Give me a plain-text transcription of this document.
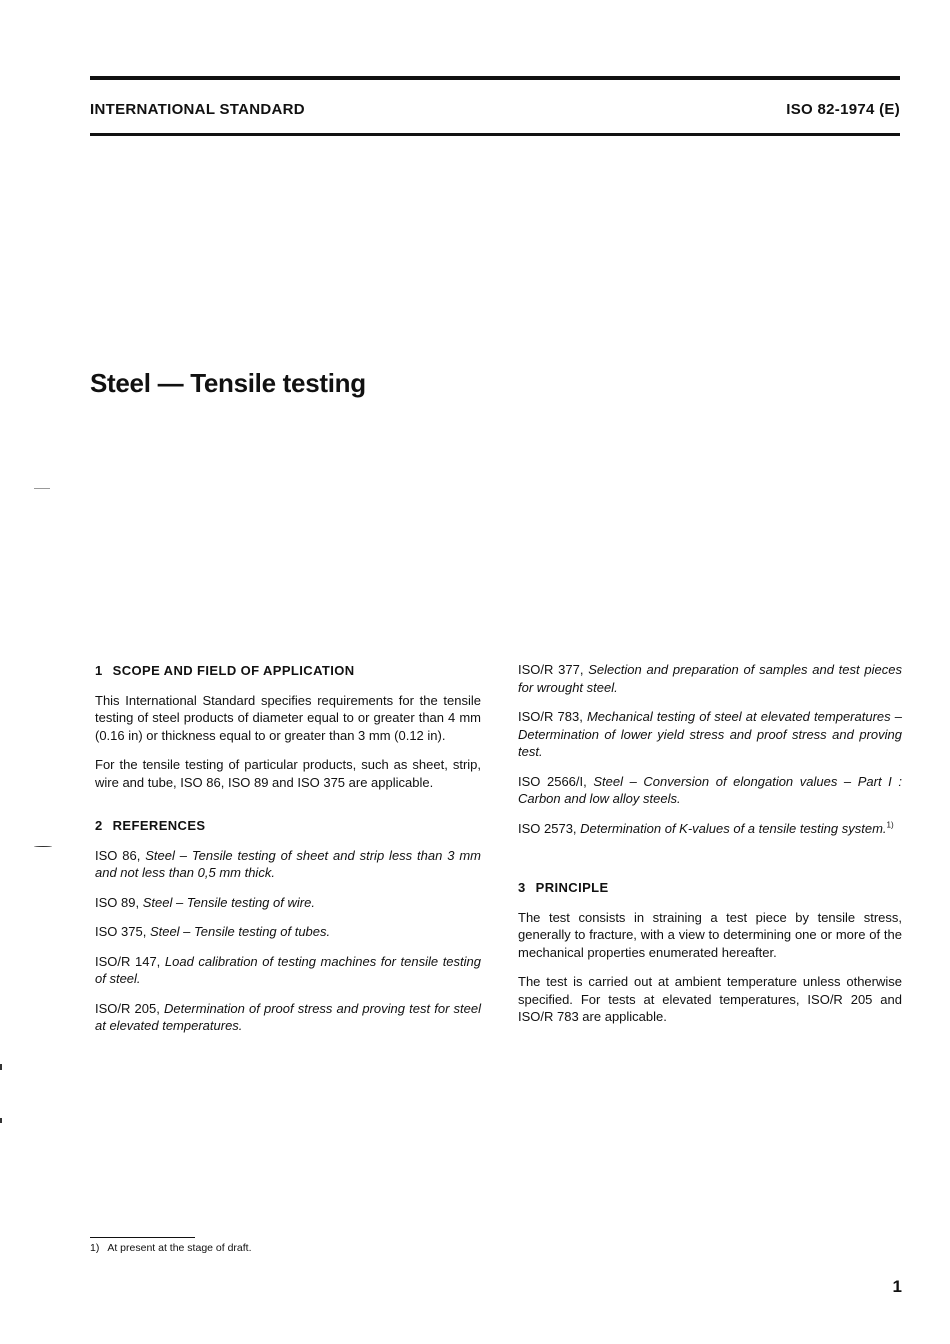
INTERNATIONAL STANDARD	ISO 82-1974 (E)
Steel — Tensile testing
1 SCOPE AND FIELD OF APPLICATION

This International Standard specifies requirements for the tensile testing of steel products of diameter equal to or greater than 4 mm (0.16 in) or thickness equal to or greater than 3 mm (0.12 in).

For the tensile testing of particular products, such as sheet, strip, wire and tube, ISO 86, ISO 89 and ISO 375 are applicable.

2 REFERENCES
ISO 86, Steel – Tensile testing of sheet and strip less than 3 mm and not less than 0,5 mm thick.
ISO 89, Steel – Tensile testing of wire.
ISO 375, Steel – Tensile testing of tubes.
ISO/R 147, Load calibration of testing machines for tensile testing of steel.
ISO/R 205, Determination of proof stress and proving test for steel at elevated temperatures.
ISO/R 377, Selection and preparation of samples and test pieces for wrought steel.
ISO/R 783, Mechanical testing of steel at elevated temperatures – Determination of lower yield stress and proof stress and proving test.
ISO 2566/I, Steel – Conversion of elongation values – Part I : Carbon and low alloy steels.
ISO 2573, Determination of K-values of a tensile testing system.$^{1)}$
3 PRINCIPLE

The test consists in straining a test piece by tensile stress, generally to fracture, with a view to determining one or more of the mechanical properties enumerated hereafter.

The test is carried out at ambient temperature unless otherwise specified. For tests at elevated temperatures, ISO/R 205 and ISO/R 783 are applicable.

1) At present at the stage of draft.
1
